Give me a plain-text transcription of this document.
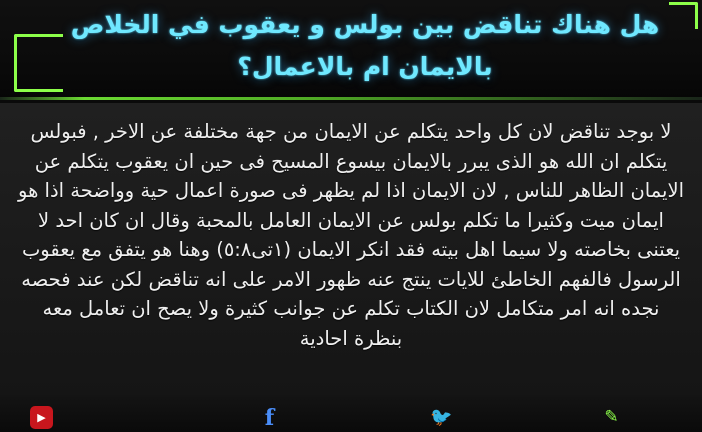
هل هناك تناقض بين بولس و يعقوب في الخلاص بالايمان ام بالاعمال؟
لا بوجد تناقض لان كل واحد يتكلم عن الايمان من جهة مختلفة عن الاخر , فبولس يتكلم ان الله هو الذى يبرر بالايمان بيسوع المسيح فى حين ان يعقوب يتكلم عن الايمان الظاهر للناس , لان الايمان اذا لم يظهر فى صورة اعمال حية وواضحة اذا هو ايمان ميت وكثيرا ما تكلم بولس عن الايمان العامل بالمحبة وقال ان كان احد لا يعتنى بخاصته ولا سيما اهل بيته فقد انكر الايمان (١تى٥:٨) وهنا هو يتفق مع يعقوب الرسول فالفهم الخاطئ للايات ينتج عنه ظهور الامر على انه تناقض لكن عند فحصه نجده انه امر متكامل لان الكتاب تكلم عن جوانب كثيرة ولا يصح ان تعامل معه بنظرة احادية
▶	f	🐦	✎
